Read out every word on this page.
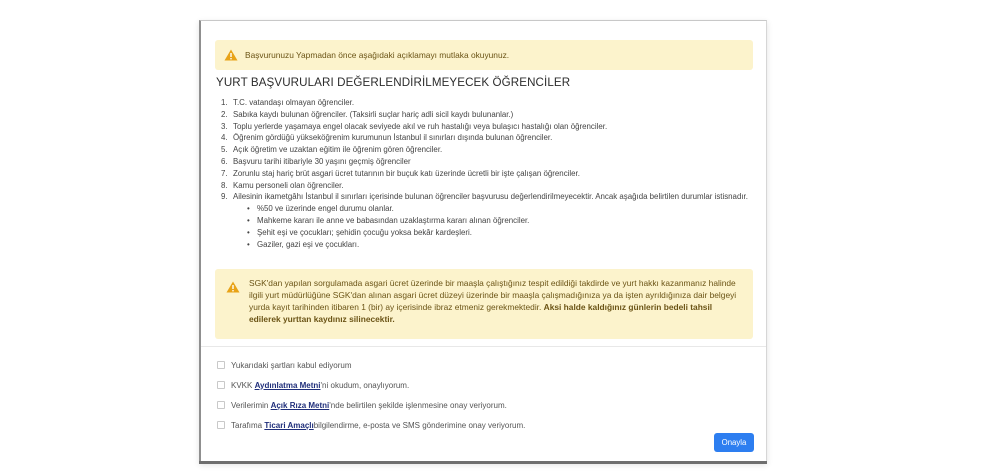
Başvurunuzu Yapmadan önce aşağıdaki açıklamayı mutlaka okuyunuz.
YURT BAŞVURULARI DEĞERLENDİRİLMEYECEK ÖĞRENCİLER
1. T.C. vatandaşı olmayan öğrenciler.
2. Sabıka kaydı bulunan öğrenciler. (Taksirli suçlar hariç adli sicil kaydı bulunanlar.)
3. Toplu yerlerde yaşamaya engel olacak seviyede akıl ve ruh hastalığı veya bulaşıcı hastalığı olan öğrenciler.
4. Öğrenim gördüğü yükseköğrenim kurumunun İstanbul il sınırları dışında bulunan öğrenciler.
5. Açık öğretim ve uzaktan eğitim ile öğrenim gören öğrenciler.
6. Başvuru tarihi itibariyle 30 yaşını geçmiş öğrenciler
7. Zorunlu staj hariç brüt asgari ücret tutarının bir buçuk katı üzerinde ücretli bir işte çalışan öğrenciler.
8. Kamu personeli olan öğrenciler.
9. Ailesinin ikametgâhı İstanbul il sınırları içerisinde bulunan öğrenciler başvurusu değerlendirilmeyecektir. Ancak aşağıda belirtilen durumlar istisnadır.
• %50 ve üzerinde engel durumu olanlar.
• Mahkeme kararı ile anne ve babasından uzaklaştırma kararı alınan öğrenciler.
• Şehit eşi ve çocukları; şehidin çocuğu yoksa bekâr kardeşleri.
• Gaziler, gazi eşi ve çocukları.
SGK'dan yapılan sorgulamada asgari ücret üzerinde bir maaşla çalıştığınız tespit edildiği takdirde ve yurt hakkı kazanmanız halinde ilgili yurt müdürlüğüne SGK'dan alınan asgari ücret düzeyi üzerinde bir maaşla çalışmadığınıza ya da işten ayrıldığınıza dair belgeyi yurda kayıt tarihinden itibaren 1 (bir) ay içerisinde ibraz etmeniz gerekmektedir. Aksi halde kaldığınız günlerin bedeli tahsil edilerek yurttan kaydınız silinecektir.
Yukarıdaki şartları kabul ediyorum
KVKK
Aydınlatma Metni 'ni okudum, onaylıyorum.
Verilerimin
Açık Rıza Metni 'nde belirtilen şekilde işlenmesine onay veriyorum.
Tarafıma
Ticari Amaçlı bilgilendirme, e-posta ve SMS gönderimine onay veriyorum.
Onayla
